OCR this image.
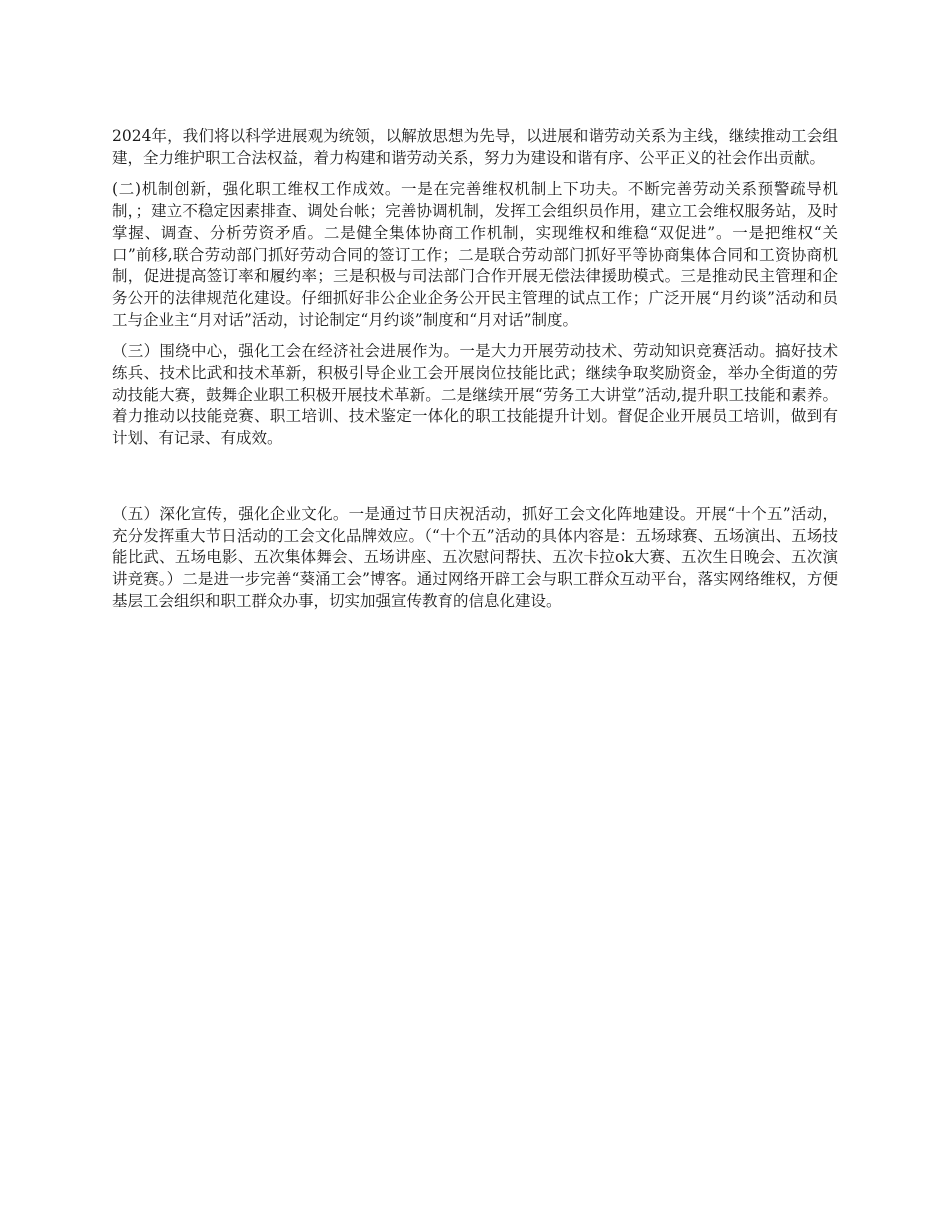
2024年，我们将以科学进展观为统领，以解放思想为先导，以进展和谐劳动关系为主线，继续推动工会组建，全力维护职工合法权益，着力构建和谐劳动关系，努力为建设和谐有序、公平正义的社会作出贡献。

(二)机制创新，强化职工维权工作成效。一是在完善维权机制上下功夫。不断完善劳动关系预警疏导机制，；建立不稳定因素排查、调处台帐；完善协调机制，发挥工会组织员作用，建立工会维权服务站，及时掌握、调查、分析劳资矛盾。二是健全集体协商工作机制，实现维权和维稳“双促进”。一是把维权“关口”前移,联合劳动部门抓好劳动合同的签订工作；二是联合劳动部门抓好平等协商集体合同和工资协商机制，促进提高签订率和履约率；三是积极与司法部门合作开展无偿法律援助模式。三是推动民主管理和企务公开的法律规范化建设。仔细抓好非公企业企务公开民主管理的试点工作；广泛开展“月约谈”活动和员工与企业主“月对话”活动，讨论制定“月约谈”制度和“月对话”制度。

（三）围绕中心，强化工会在经济社会进展作为。一是大力开展劳动技术、劳动知识竞赛活动。搞好技术练兵、技术比武和技术革新，积极引导企业工会开展岗位技能比武；继续争取奖励资金，举办全街道的劳动技能大赛，鼓舞企业职工积极开展技术革新。二是继续开展“劳务工大讲堂”活动,提升职工技能和素养。着力推动以技能竞赛、职工培训、技术鉴定一体化的职工技能提升计划。督促企业开展员工培训，做到有计划、有记录、有成效。

（五）深化宣传，强化企业文化。一是通过节日庆祝活动，抓好工会文化阵地建设。开展“十个五”活动，充分发挥重大节日活动的工会文化品牌效应。（“十个五”活动的具体内容是：五场球赛、五场演出、五场技能比武、五场电影、五次集体舞会、五场讲座、五次慰问帮扶、五次卡拉ok大赛、五次生日晚会、五次演讲竞赛。）二是进一步完善“葵涌工会”博客。通过网络开辟工会与职工群众互动平台，落实网络维权，方便基层工会组织和职工群众办事，切实加强宣传教育的信息化建设。
